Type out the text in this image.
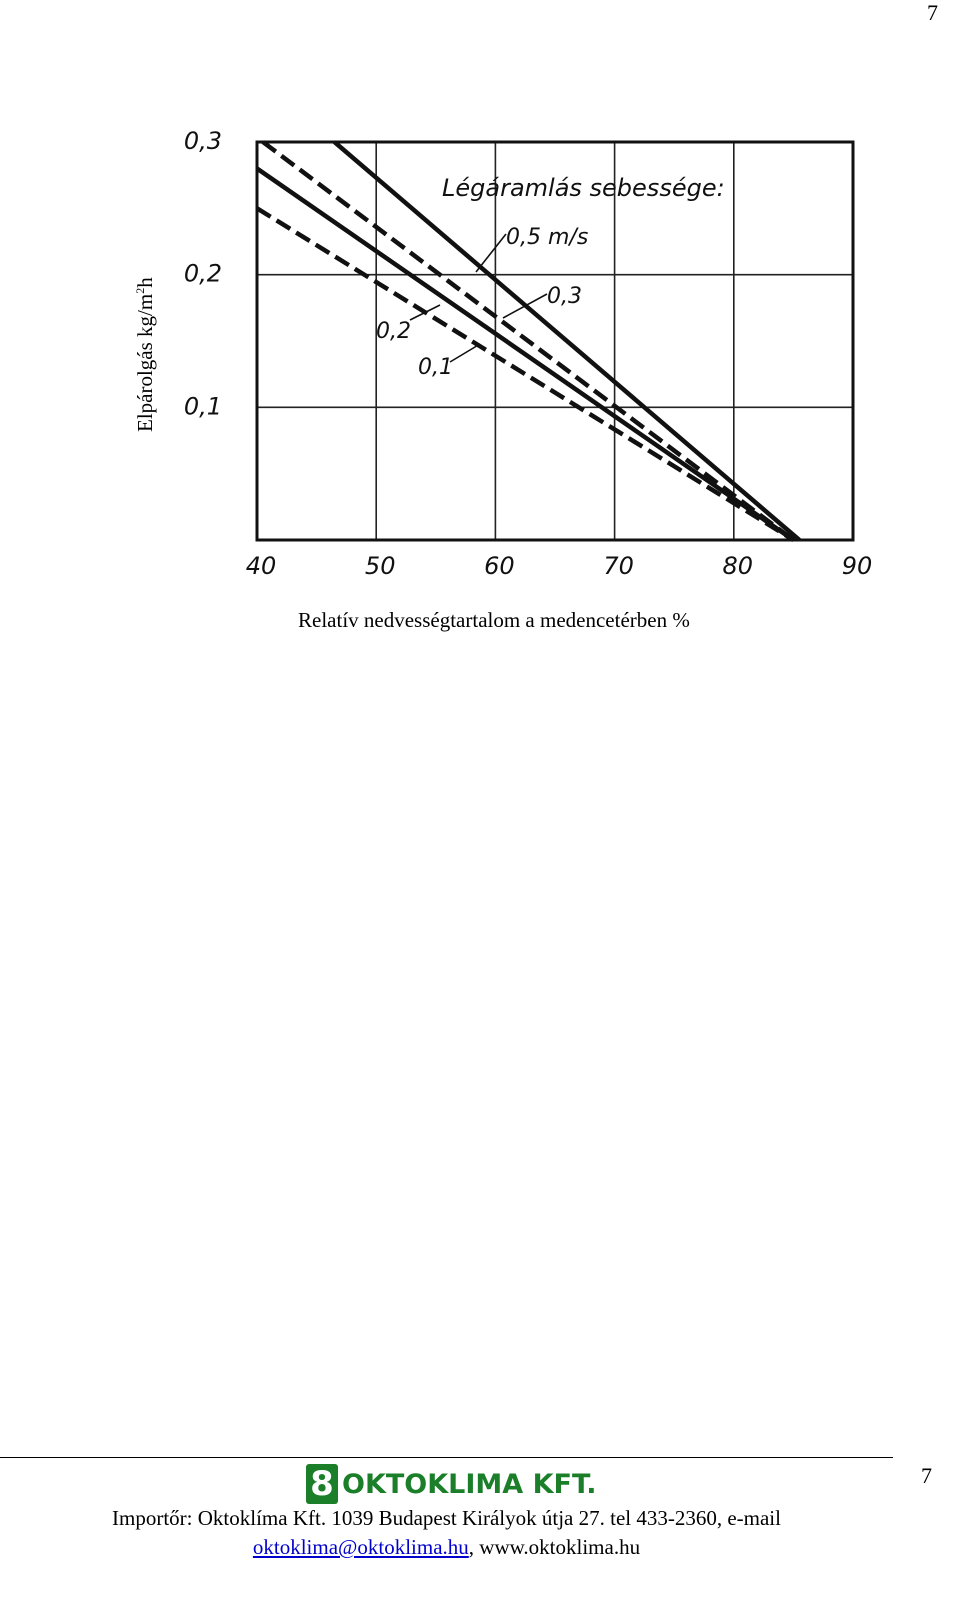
7
Elpárolgás $kg/m^2h$
40	50	60	70	80	90
0,1
0,2
0,3
Légáramlás sebessége:
0,5 m/s
0,3
0,2
0,1
Relatív nedvességtartalom a medencetérben %
8 OKTOKLIMA KFT.	7
Importőr: Oktoklíma Kft. 1039 Budapest Királyok útja 27. tel 433-2360, e-mail
oktoklima@oktoklima.hu, www.oktoklima.hu
